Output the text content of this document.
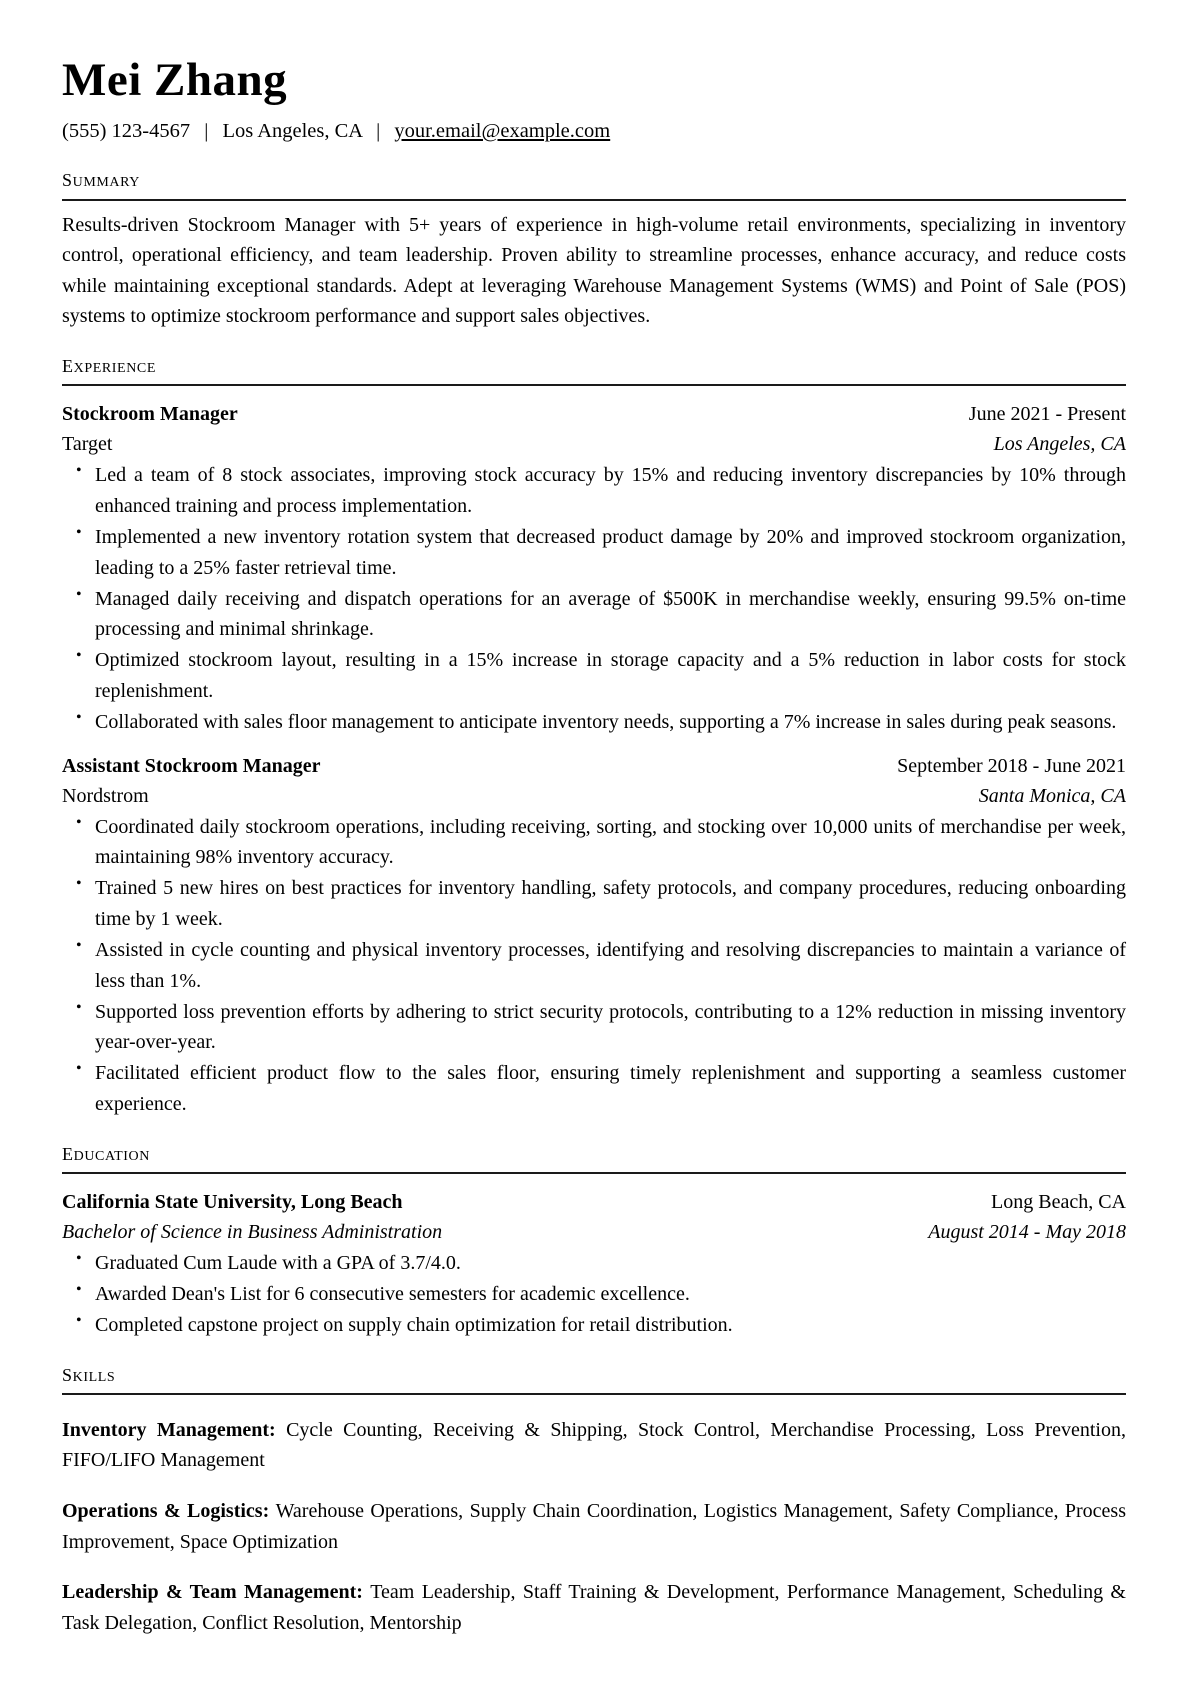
Mei Zhang
(555) 123-4567 | Los Angeles, CA | your.email@example.com
summary

Results-driven Stockroom Manager with 5+ years of experience in high-volume retail environments, specializing in inventory control, operational efficiency, and team leadership. Proven ability to streamline processes, enhance accuracy, and reduce costs while maintaining exceptional standards. Adept at leveraging Warehouse Management Systems (WMS) and Point of Sale (POS) systems to optimize stockroom performance and support sales objectives.

experience
Stockroom Manager	June 2021 - Present
Target	Los Angeles, CA
• Led a team of 8 stock associates, improving stock accuracy by 15% and reducing inventory discrepancies by 10% through enhanced training and process implementation.
• Implemented a new inventory rotation system that decreased product damage by 20% and improved stockroom organization, leading to a 25% faster retrieval time.
• Managed daily receiving and dispatch operations for an average of $500K in merchandise weekly, ensuring 99.5% on-time processing and minimal shrinkage.
• Optimized stockroom layout, resulting in a 15% increase in storage capacity and a 5% reduction in labor costs for stock replenishment.
• Collaborated with sales floor management to anticipate inventory needs, supporting a 7% increase in sales during peak seasons.
Assistant Stockroom Manager	September 2018 - June 2021
Nordstrom	Santa Monica, CA
• Coordinated daily stockroom operations, including receiving, sorting, and stocking over 10,000 units of merchandise per week, maintaining 98% inventory accuracy.
• Trained 5 new hires on best practices for inventory handling, safety protocols, and company procedures, reducing onboarding time by 1 week.
• Assisted in cycle counting and physical inventory processes, identifying and resolving discrepancies to maintain a variance of less than 1%.
• Supported loss prevention efforts by adhering to strict security protocols, contributing to a 12% reduction in missing inventory year-over-year.
• Facilitated efficient product flow to the sales floor, ensuring timely replenishment and supporting a seamless customer experience.
education
California State University, Long Beach	Long Beach, CA
Bachelor of Science in Business Administration	August 2014 - May 2018
• Graduated Cum Laude with a GPA of 3.7/4.0.
• Awarded Dean's List for 6 consecutive semesters for academic excellence.
• Completed capstone project on supply chain optimization for retail distribution.
skills

Inventory Management: Cycle Counting, Receiving & Shipping, Stock Control, Merchandise Processing, Loss Prevention, FIFO/LIFO Management

Operations & Logistics: Warehouse Operations, Supply Chain Coordination, Logistics Management, Safety Compliance, Process Improvement, Space Optimization

Leadership & Team Management: Team Leadership, Staff Training & Development, Performance Management, Scheduling & Task Delegation, Conflict Resolution, Mentorship
